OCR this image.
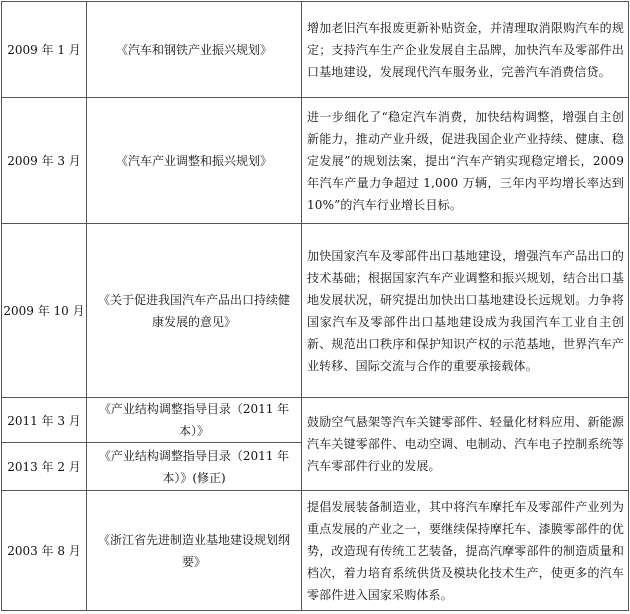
2009 年 1 月	《汽车和钢铁产业振兴规划》	增加老旧汽车报废更新补贴资金，并清理取消限购汽车的规定；支持汽车生产企业发展自主品牌，加快汽车及零部件出口基地建设，发展现代汽车服务业，完善汽车消费信贷。
2009 年 3 月	《汽车产业调整和振兴规划》	进一步细化了“稳定汽车消费，加快结构调整，增强自主创新能力，推动产业升级，促进我国企业产业持续、健康、稳定发展”的规划法案，提出“汽车产销实现稳定增长，2009 年汽车产量力争超过 1,000 万辆，三年内平均增长率达到 10%”的汽车行业增长目标。
2009 年 10 月	《关于促进我国汽车产品出口持续健康发展的意见》	加快国家汽车及零部件出口基地建设，增强汽车产品出口的技术基础；根据国家汽车产业调整和振兴规划，结合出口基地发展状况，研究提出加快出口基地建设长远规划。力争将国家汽车及零部件出口基地建设成为我国汽车工业自主创新、规范出口秩序和保护知识产权的示范基地，世界汽车产业转移、国际交流与合作的重要承接载体。
2011 年 3 月	《产业结构调整指导目录（2011 年本）》	鼓励空气悬架等汽车关键零部件、轻量化材料应用、新能源汽车关键零部件、电动空调、电制动、汽车电子控制系统等汽车零部件行业的发展。
2013 年 2 月	《产业结构调整指导目录（2011 年本）》(修正)	
2003 年 8 月	《浙江省先进制造业基地建设规划纲要》	提倡发展装备制造业，其中将汽车摩托车及零部件产业列为重点发展的产业之一，要继续保持摩托车、漆膜零部件的优势，改造现有传统工艺装备，提高汽摩零部件的制造质量和档次，着力培育系统供货及模块化技术生产，使更多的汽车零部件进入国家采购体系。
